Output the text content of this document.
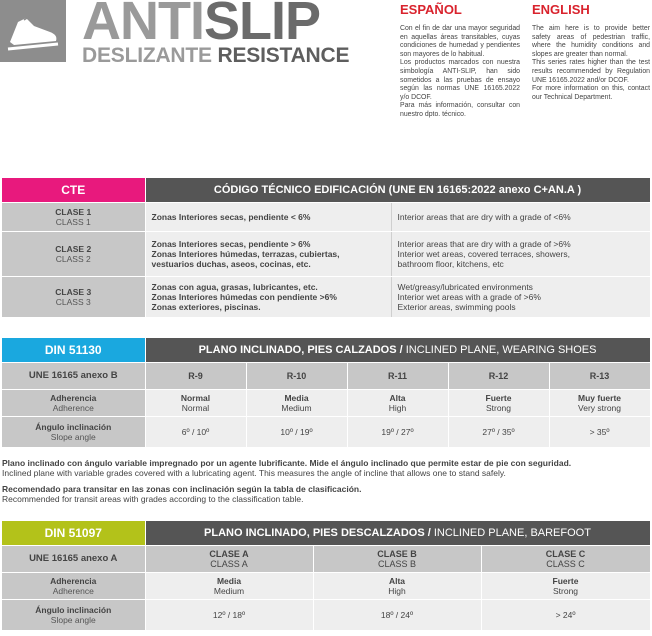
ANTISLIP
DESLIZANTE RESISTANCE
ESPAÑOL
Con el fin de dar una mayor seguridad en aquellas áreas transitables, cuyas condiciones de humedad y pendientes son mayores de lo habitual.
Los productos marcados con nuestra simbología ANTI-SLIP, han sido sometidos a las pruebas de ensayo según las normas UNE 16165.2022 y/o DCOF.
Para más información, consultar con nuestro dpto. técnico.
ENGLISH
The aim here is to provide better safety areas of pedestrian traffic, where the humidity conditions and slopes are greater than normal.
This series rates higher than the test results recommended by Regulation UNE 16165.2022 and/or DCOF.
For more information on this, contact our Technical Department.
CTE	CÓDIGO TÉCNICO EDIFICACIÓN (UNE EN 16165:2022 anexo C+AN.A )	
CLASE 1
CLASS 1	Zonas Interiores secas, pendiente < 6%	Interior areas that are dry with a grade of <6%
CLASE 2
CLASS 2	Zonas Interiores secas, pendiente > 6%
Zonas Interiores húmedas, terrazas, cubiertas,
vestuarios duchas, aseos, cocinas, etc.	Interior areas that are dry with a grade of >6%
Interior wet areas, covered terraces, showers,
bathroom floor, kitchens, etc
CLASE 3
CLASS 3	Zonas con agua, grasas, lubricantes, etc.
Zonas Interiores húmedas con pendiente >6%
Zonas exteriores, piscinas.	Wet/greasy/lubricated environments
Interior wet areas with a grade of >6%
Exterior areas, swimming pools
DIN 51130	PLANO INCLINADO, PIES CALZADOS / INCLINED PLANE, WEARING SHOES				
UNE 16165 anexo B	R-9	R-10	R-11	R-12	R-13
Adherencia
Adherence	Normal
Normal	Media
Medium	Alta
High	Fuerte
Strong	Muy fuerte
Very strong

Ángulo inclinación
Slope angle	6º / 10º	10º / 19º	19º / 27º	27º / 35º	> 35º
Plano inclinado con ángulo variable impregnado por un agente lubrificante. Mide el ángulo inclinado que permite estar de pie con seguridad.
Inclined plane with variable grades covered with a lubricating agent. This measures the angle of incline that allows one to stand safely.
Recomendado para transitar en las zonas con inclinación según la tabla de clasificación.
Recommended for transit areas with grades according to the classification table.
DIN 51097	PLANO INCLINADO, PIES DESCALZADOS / INCLINED PLANE, BAREFOOT		
UNE 16165 anexo A	CLASE A
CLASS A	CLASE B
CLASS B	CLASE C
CLASS C

Adherencia
Adherence	Media
Medium	Alta
High	Fuerte
Strong

Ángulo inclinación
Slope angle	12º / 18º	18º / 24º	> 24º
